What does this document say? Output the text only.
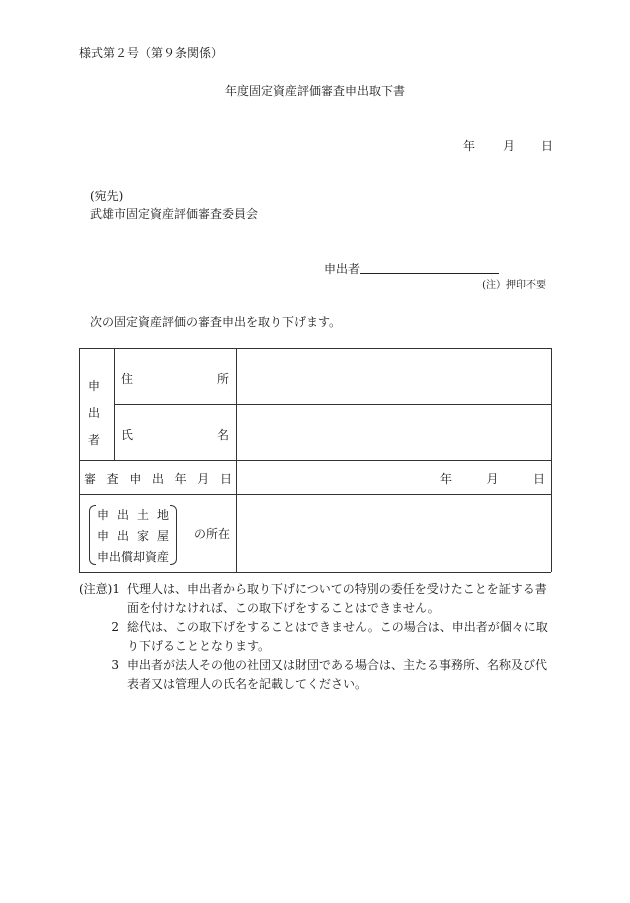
様式第２号（第９条関係）
年度固定資産評価審査申出取下書
年 月 日
(宛先)
武雄市固定資産評価審査委員会
申出者
(注）押印不要
次の固定資産評価の審査申出を取り下げます。
申
出
者
住	所
氏	名
審 査 申 出 年 月 日	年	月	日
申 出 土 地
申 出 家 屋
申出償却資産
の所在
(注意)1 代理人は、申出者から取り下げについての特別の委任を受けたことを証する書面を付けなければ、この取下げをすることはできません。
2 総代は、この取下げをすることはできません。この場合は、申出者が個々に取り下げることとなります。
3 申出者が法人その他の社団又は財団である場合は、主たる事務所、名称及び代表者又は管理人の氏名を記載してください。
